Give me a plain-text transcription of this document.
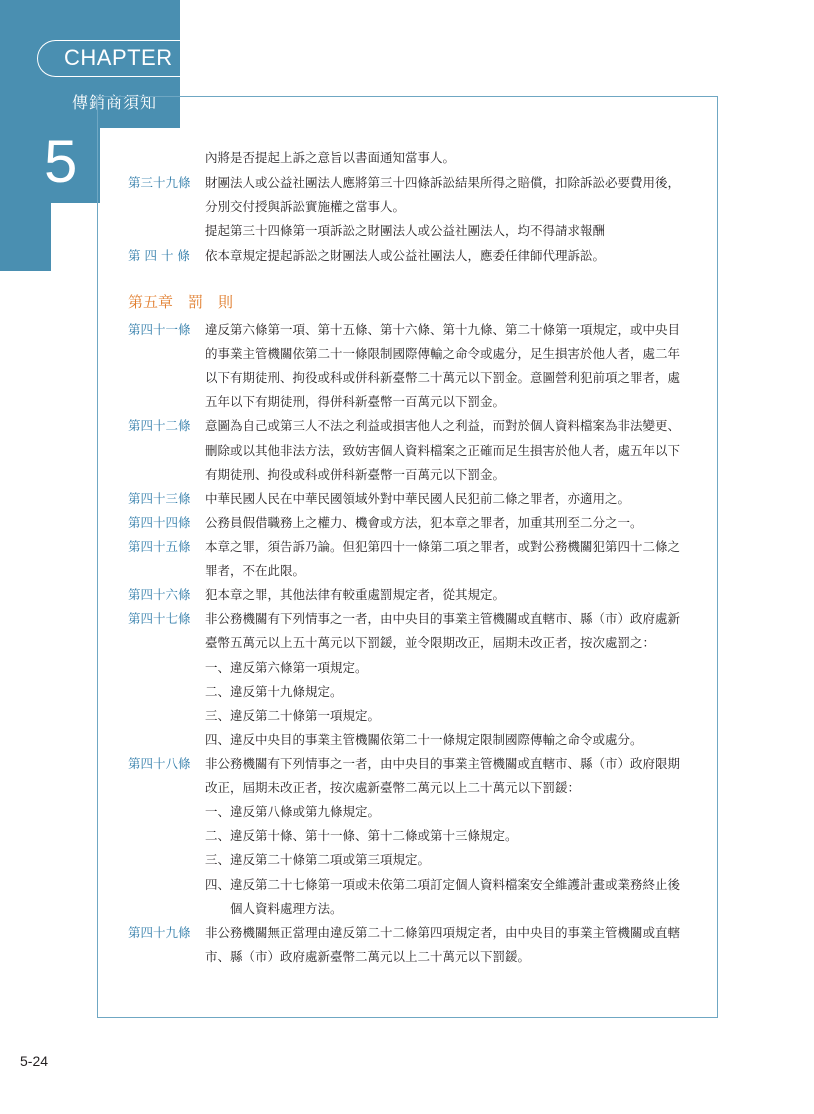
CHAPTER
傳銷商須知
5	內將是否提起上訴之意旨以書面通知當事人。
第三十九條 財團法人或公益社團法人應將第三十四條訴訟結果所得之賠償，扣除訴訟必要費用後，
分別交付授與訴訟實施權之當事人。
提起第三十四條第一項訴訟之財團法人或公益社團法人，均不得請求報酬
第 四 十 條 依本章規定提起訴訟之財團法人或公益社團法人，應委任律師代理訴訟。
第五章　罰　則
第四十一條 違反第六條第一項、第十五條、第十六條、第十九條、第二十條第一項規定，或中央目
的事業主管機關依第二十一條限制國際傳輸之命令或處分，足生損害於他人者，處二年
以下有期徒刑、拘役或科或併科新臺幣二十萬元以下罰金。意圖營利犯前項之罪者，處
五年以下有期徒刑，得併科新臺幣一百萬元以下罰金。
第四十二條 意圖為自己或第三人不法之利益或損害他人之利益，而對於個人資料檔案為非法變更、
刪除或以其他非法方法，致妨害個人資料檔案之正確而足生損害於他人者，處五年以下
有期徒刑、拘役或科或併科新臺幣一百萬元以下罰金。
第四十三條 中華民國人民在中華民國領域外對中華民國人民犯前二條之罪者，亦適用之。
第四十四條 公務員假借職務上之權力、機會或方法，犯本章之罪者，加重其刑至二分之一。
第四十五條 本章之罪，須告訴乃論。但犯第四十一條第二項之罪者，或對公務機關犯第四十二條之
罪者，不在此限。
第四十六條 犯本章之罪，其他法律有較重處罰規定者，從其規定。
第四十七條 非公務機關有下列情事之一者，由中央目的事業主管機關或直轄市、縣（市）政府處新
臺幣五萬元以上五十萬元以下罰鍰，並令限期改正，屆期未改正者，按次處罰之：
一、違反第六條第一項規定。
二、違反第十九條規定。
三、違反第二十條第一項規定。
四、違反中央目的事業主管機關依第二十一條規定限制國際傳輸之命令或處分。
第四十八條 非公務機關有下列情事之一者，由中央目的事業主管機關或直轄市、縣（市）政府限期
改正，屆期未改正者，按次處新臺幣二萬元以上二十萬元以下罰鍰：
一、違反第八條或第九條規定。
二、違反第十條、第十一條、第十二條或第十三條規定。
三、違反第二十條第二項或第三項規定。
四、違反第二十七條第一項或未依第二項訂定個人資料檔案安全維護計畫或業務終止後
　　個人資料處理方法。
第四十九條 非公務機關無正當理由違反第二十二條第四項規定者，由中央目的事業主管機關或直轄
市、縣（市）政府處新臺幣二萬元以上二十萬元以下罰鍰。
5-24
